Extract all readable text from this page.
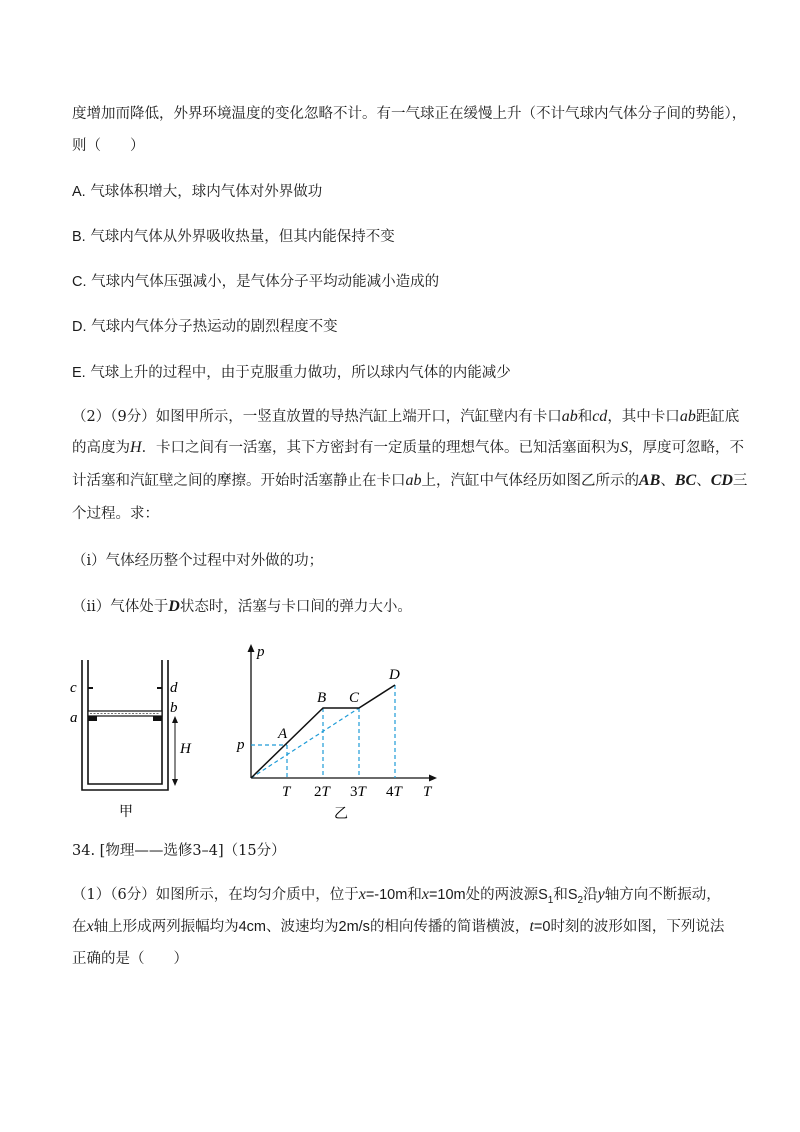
度增加而降低，外界环境温度的变化忽略不计。有一气球正在缓慢上升（不计气球内气体分子间的势能），
则（　　）
A. 气球体积增大，球内气体对外界做功
B. 气球内气体从外界吸收热量，但其内能保持不变
C. 气球内气体压强减小，是气体分子平均动能减小造成的
D. 气球内气体分子热运动的剧烈程度不变
E. 气球上升的过程中，由于克服重力做功，所以球内气体的内能减少
（2）（9分）如图甲所示，一竖直放置的导热汽缸上端开口，汽缸壁内有卡口ab和cd，其中卡口ab距缸底
的高度为H．卡口之间有一活塞，其下方密封有一定质量的理想气体。已知活塞面积为S，厚度可忽略，不
计活塞和汽缸壁之间的摩擦。开始时活塞静止在卡口ab上，汽缸中气体经历如图乙所示的AB、BC、CD三
个过程。求：
（i）气体经历整个过程中对外做的功；
（ii）气体处于D状态时，活塞与卡口间的弹力大小。
c	d
a
b
H
甲
A
B C
D
p
p
T
T 2T 3T 4T
乙
34. [物理——选修3–4]（15分）
（1）（6分）如图所示，在均匀介质中，位于x=-10m和x=10m处的两波源$S_1$和$S_2$沿y轴方向不断振动，
在x轴上形成两列振幅均为4cm、波速均为2m/s的相向传播的简谐横波，t=0时刻的波形如图，下列说法
正确的是（　　）
